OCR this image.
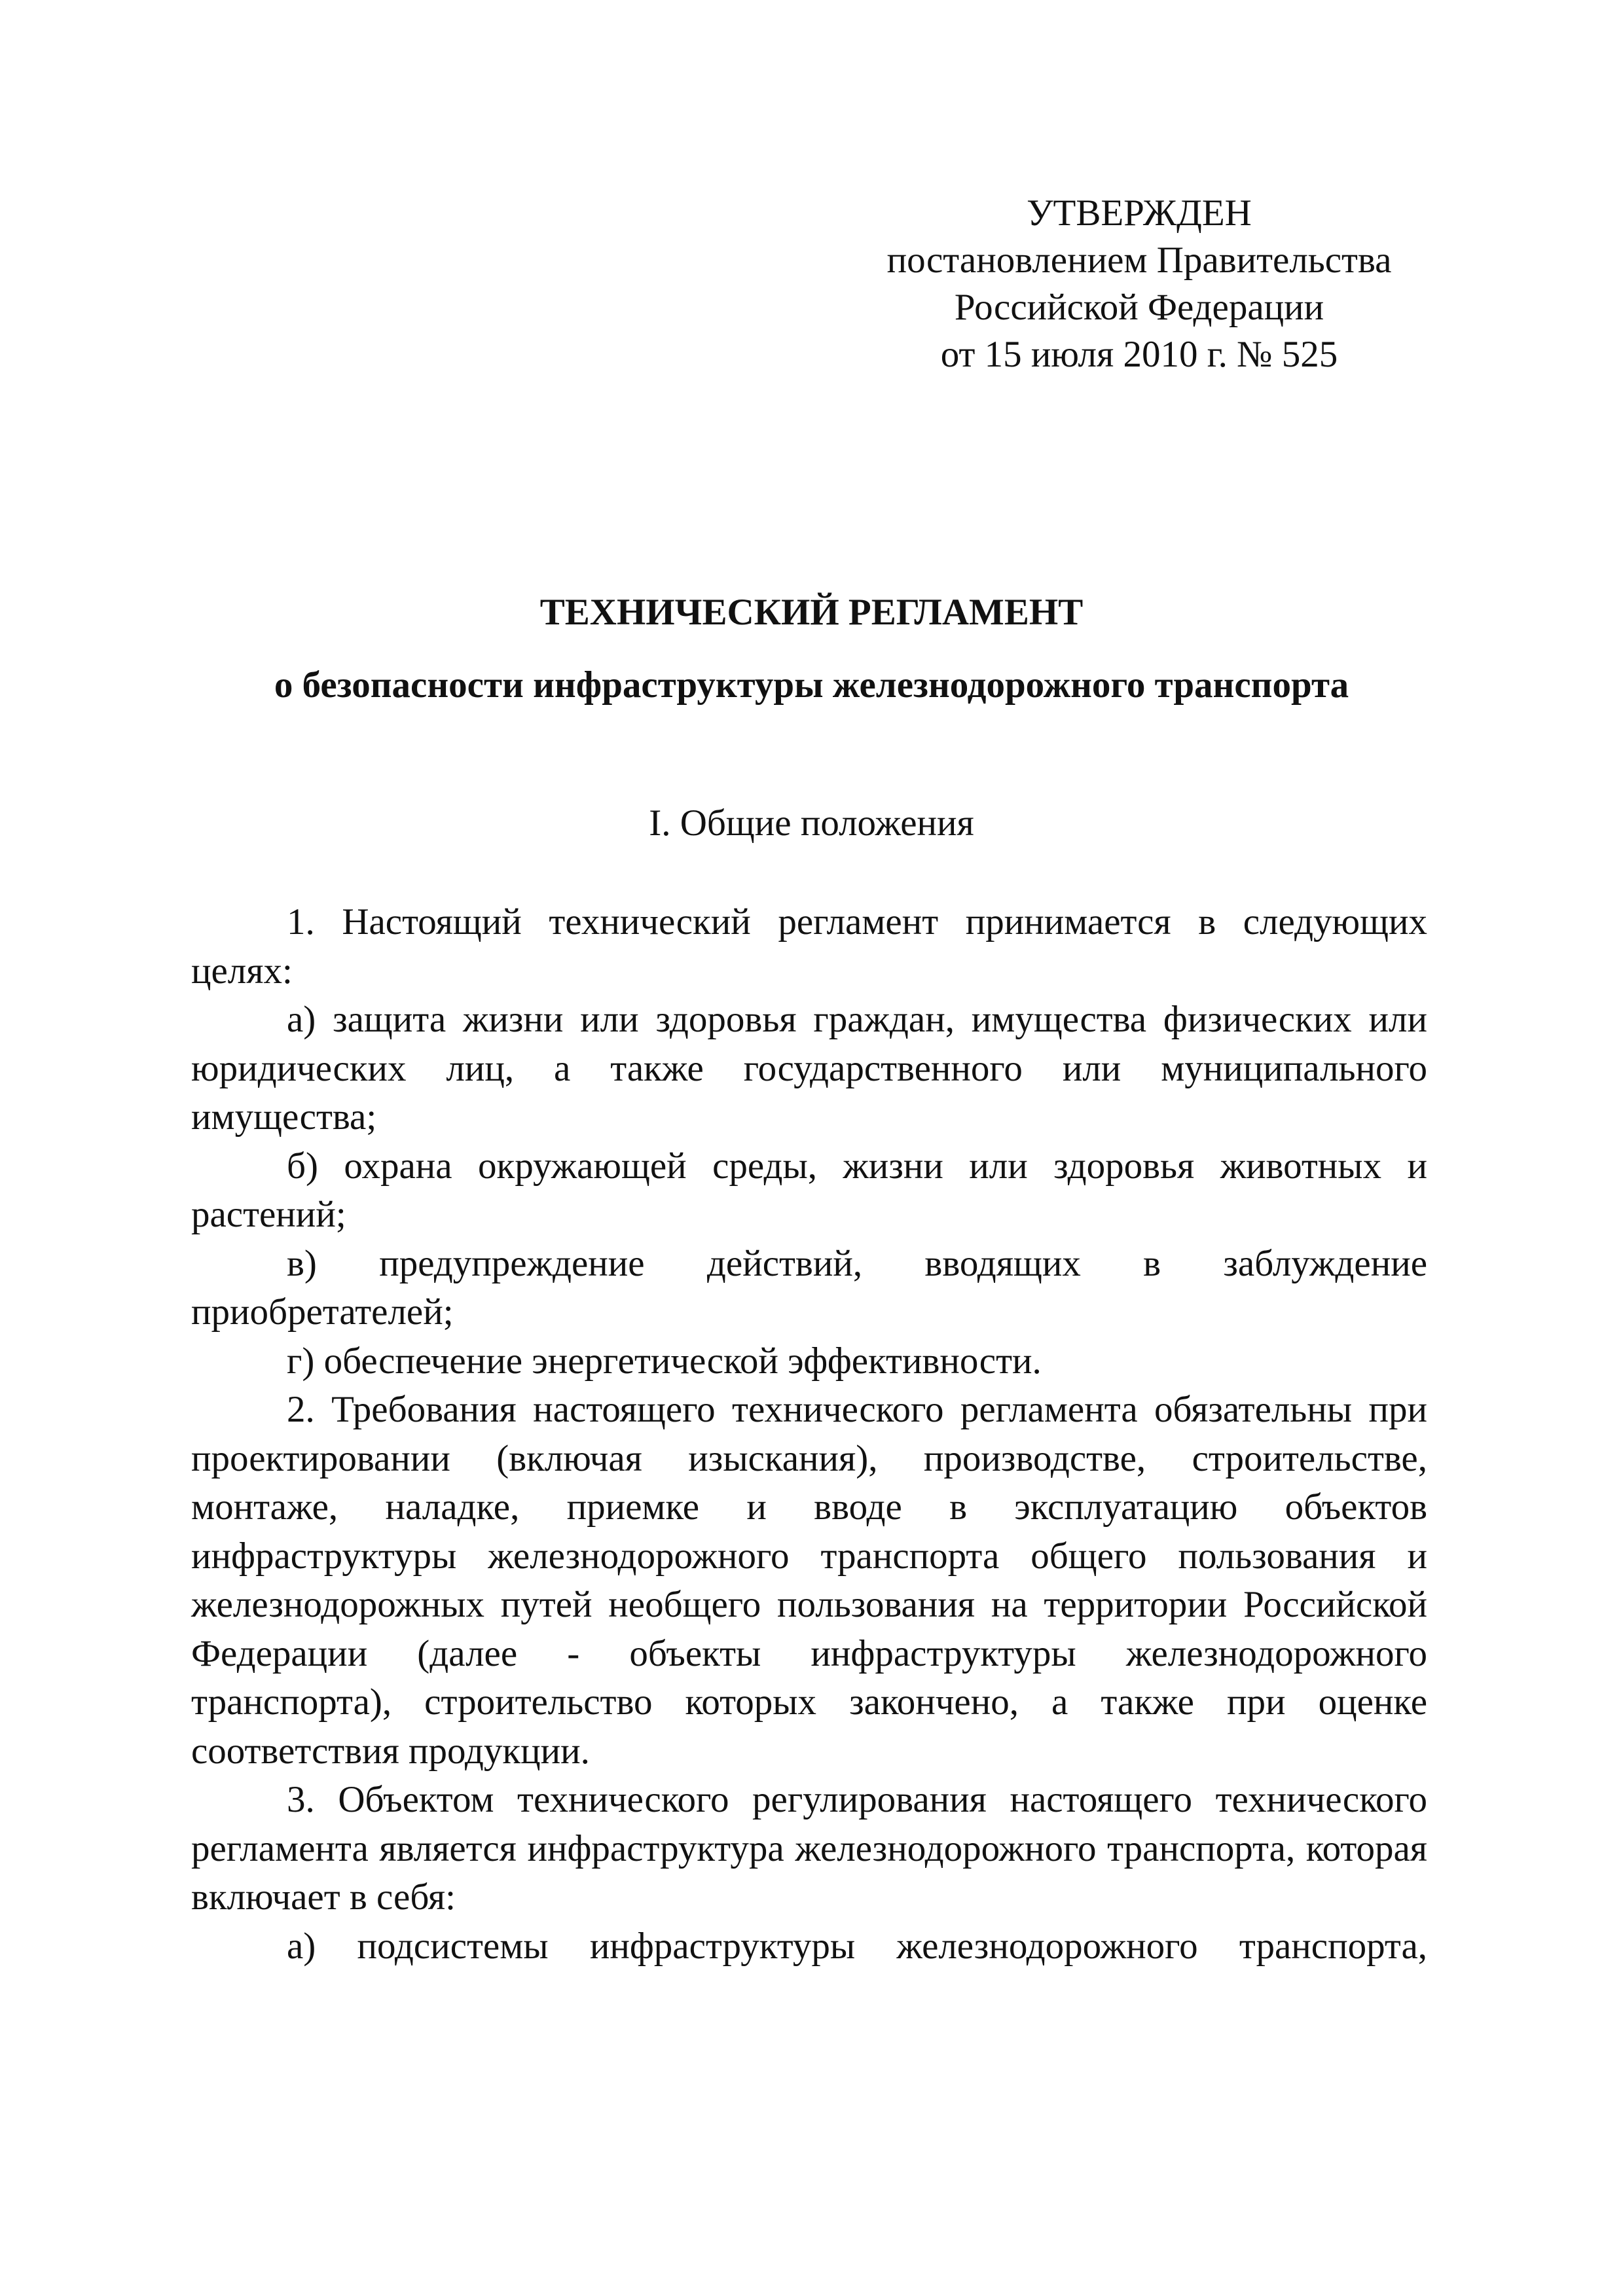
УТВЕРЖДЕН
постановлением Правительства
Российской Федерации
от 15 июля 2010 г. № 525
ТЕХНИЧЕСКИЙ РЕГЛАМЕНТ
о безопасности инфраструктуры железнодорожного транспорта
I. Общие положения

1. Настоящий технический регламент принимается в следующих целях:

а) защита жизни или здоровья граждан, имущества физических или юридических лиц, а также государственного или муниципального имущества;

б) охрана окружающей среды, жизни или здоровья животных и растений;

в) предупреждение действий, вводящих в заблуждение приобретателей;

г) обеспечение энергетической эффективности.

2. Требования настоящего технического регламента обязательны при проектировании (включая изыскания), производстве, строительстве, монтаже, наладке, приемке и вводе в эксплуатацию объектов инфраструктуры железнодорожного транспорта общего пользования и железнодорожных путей необщего пользования на территории Российской Федерации (далее - объекты инфраструктуры железнодорожного транспорта), строительство которых закончено, а также при оценке соответствия продукции.

3. Объектом технического регулирования настоящего технического регламента является инфраструктура железнодорожного транспорта, которая включает в себя:

а) подсистемы инфраструктуры железнодорожного транспорта,
